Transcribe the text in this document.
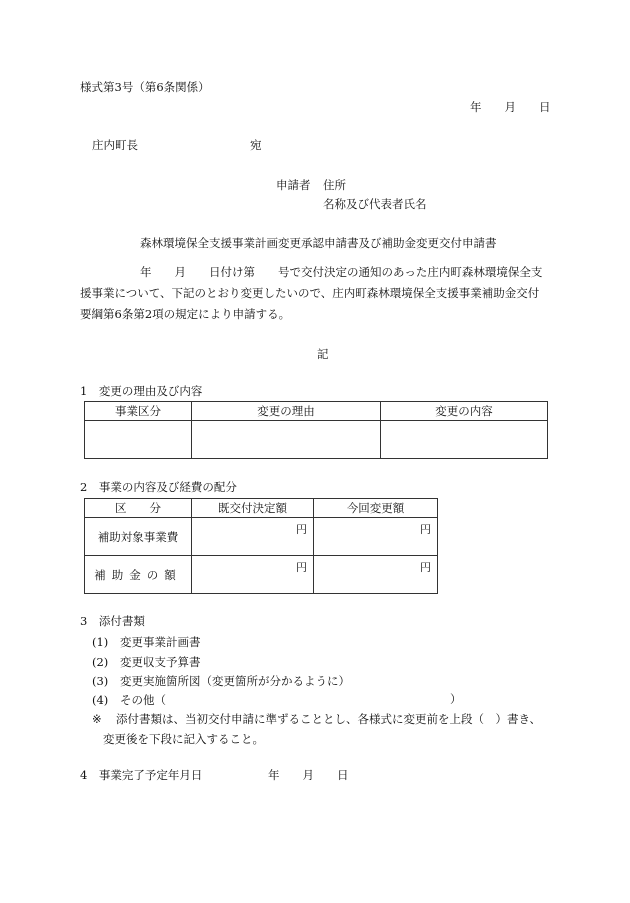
様式第3号（第6条関係）
年　　月　　日
庄内町長	宛
申請者 住所
名称及び代表者氏名
森林環境保全支援事業計画変更承認申請書及び補助金変更交付申請書
年　　月　　日付け第　　号で交付決定の通知のあった庄内町森林環境保全支
援事業について、下記のとおり変更したいので、庄内町森林環境保全支援事業補助金交付
要綱第6条第2項の規定により申請する。
記
1　変更の理由及び内容
事業区分	変更の理由	変更の内容

2　事業の内容及び経費の配分
区　　分	既交付決定額	今回変更額
補助対象事業費	円	円

補助金の額	円	円
3　添付書類
(1) 変更事業計画書
(2) 変更収支予算書
(3) 変更実施箇所図（変更箇所が分かるように）
(4) その他（	）
※ 添付書類は、当初交付申請に準ずることとし、各様式に変更前を上段（　）書き、
変更後を下段に記入すること。
4　事業完了予定年月日	年　　月　　日
